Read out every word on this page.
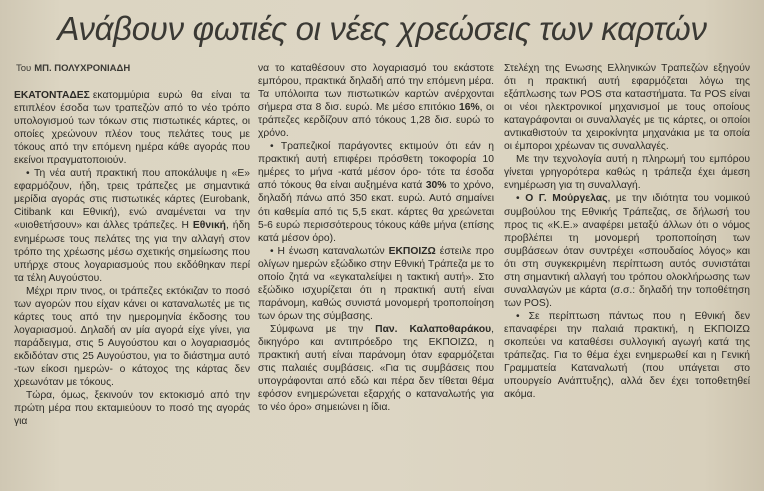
Ανάβουν φωτιές οι νέες χρεώσεις των καρτών
Του ΜΠ. ΠΟΛΥΧΡΟΝΙΑΔΗ

ΕΚΑΤΟΝΤΑΔΕΣ εκατομμύρια ευρώ θα είναι τα επιπλέον έσοδα των τραπεζών από το νέο τρόπο υπολογισμού των τόκων στις πιστωτικές κάρτες, οι οποίες χρεώνουν πλέον τους πελάτες τους με τόκους από την επόμενη ημέρα κάθε αγοράς που εκείνοι πραγματοποιούν.

• Τη νέα αυτή πρακτική που αποκάλυψε η «Ε» εφαρμόζουν, ήδη, τρεις τράπεζες με σημαντικά μερίδια αγοράς στις πιστωτικές κάρτες (Eurobank, Citibank και Εθνική), ενώ αναμένεται να την «υιοθετήσουν» και άλλες τράπεζες. Η Εθνική, ήδη ενημέρωσε τους πελάτες της για την αλλαγή στον τρόπο της χρέωσης μέσω σχετικής σημείωσης που υπήρχε στους λογαριασμούς που εκδόθηκαν περί τα τέλη Αυγούστου.

Μέχρι πριν τινος, οι τράπεζες εκτόκιζαν το ποσό των αγορών που είχαν κάνει οι καταναλωτές με τις κάρτες τους από την ημερομηνία έκδοσης του λογαριασμού. Δηλαδή αν μία αγορά είχε γίνει, για παράδειγμα, στις 5 Αυγούστου και ο λογαριασμός εκδιδόταν στις 25 Αυγούστου, για το διάστημα αυτό -των είκοσι ημερών- ο κάτοχος της κάρτας δεν χρεωνόταν με τόκους.

Τώρα, όμως, ξεκινούν τον εκτοκισμό από την πρώτη μέρα που εκταμιεύουν το ποσό της αγοράς για

να το καταθέσουν στο λογαριασμό του εκάστοτε εμπόρου, πρακτικά δηλαδή από την επόμενη μέρα. Τα υπόλοιπα των πιστωτικών καρτών ανέρχονται σήμερα στα 8 δισ. ευρώ. Με μέσο επιτόκιο 16%, οι τράπεζες κερδίζουν από τόκους 1,28 δισ. ευρώ το χρόνο.

• Τραπεζικοί παράγοντες εκτιμούν ότι εάν η πρακτική αυτή επιφέρει πρόσθετη τοκοφορία 10 ημέρες το μήνα -κατά μέσον όρο- τότε τα έσοδα από τόκους θα είναι αυξημένα κατά 30% το χρόνο, δηλαδή πάνω από 350 εκατ. ευρώ. Αυτό σημαίνει ότι καθεμία από τις 5,5 εκατ. κάρτες θα χρεώνεται 5-6 ευρώ περισσότερους τόκους κάθε μήνα (επίσης κατά μέσον όρο).

• Η ένωση καταναλωτών ΕΚΠΟΙΖΩ έστειλε προ ολίγων ημερών εξώδικο στην Εθνική Τράπεζα με το οποίο ζητά να «εγκαταλείψει η τακτική αυτή». Στο εξώδικο ισχυρίζεται ότι η πρακτική αυτή είναι παράνομη, καθώς συνιστά μονομερή τροποποίηση των όρων της σύμβασης.

Σύμφωνα με την Παν. Καλαποθαράκου, δικηγόρο και αντιπρόεδρο της ΕΚΠΟΙΖΩ, η πρακτική αυτή είναι παράνομη όταν εφαρμόζεται στις παλαιές συμβάσεις. «Για τις συμβάσεις που υπογράφονται από εδώ και πέρα δεν τίθεται θέμα εφόσον ενημερώνεται εξαρχής ο καταναλωτής για το νέο όρο» σημειώνει η ίδια.

Στελέχη της Ενωσης Ελληνικών Τραπεζών εξηγούν ότι η πρακτική αυτή εφαρμόζεται λόγω της εξάπλωσης των POS στα καταστήματα. Τα POS είναι οι νέοι ηλεκτρονικοί μηχανισμοί με τους οποίους καταγράφονται οι συναλλαγές με τις κάρτες, οι οποίοι αντικαθιστούν τα χειροκίνητα μηχανάκια με τα οποία οι έμποροι χρέωναν τις συναλλαγές.

Με την τεχνολογία αυτή η πληρωμή του εμπόρου γίνεται γρηγορότερα καθώς η τράπεζα έχει άμεση ενημέρωση για τη συναλλαγή.

• Ο Γ. Μούργελας, με την ιδιότητα του νομικού συμβούλου της Εθνικής Τράπεζας, σε δήλωσή του προς τις «Κ.Ε.» αναφέρει μεταξύ άλλων ότι ο νόμος προβλέπει τη μονομερή τροποποίηση των συμβάσεων όταν συντρέχει «σπουδαίος λόγος» και ότι στη συγκεκριμένη περίπτωση αυτός συνιστάται στη σημαντική αλλαγή του τρόπου ολοκλήρωσης των συναλλαγών με κάρτα (σ.σ.: δηλαδή την τοποθέτηση των POS).

• Σε περίπτωση πάντως που η Εθνική δεν επαναφέρει την παλαιά πρακτική, η ΕΚΠΟΙΖΩ σκοπεύει να καταθέσει συλλογική αγωγή κατά της τράπεζας. Για το θέμα έχει ενημερωθεί και η Γενική Γραμματεία Καταναλωτή (που υπάγεται στο υπουργείο Ανάπτυξης), αλλά δεν έχει τοποθετηθεί ακόμα.
